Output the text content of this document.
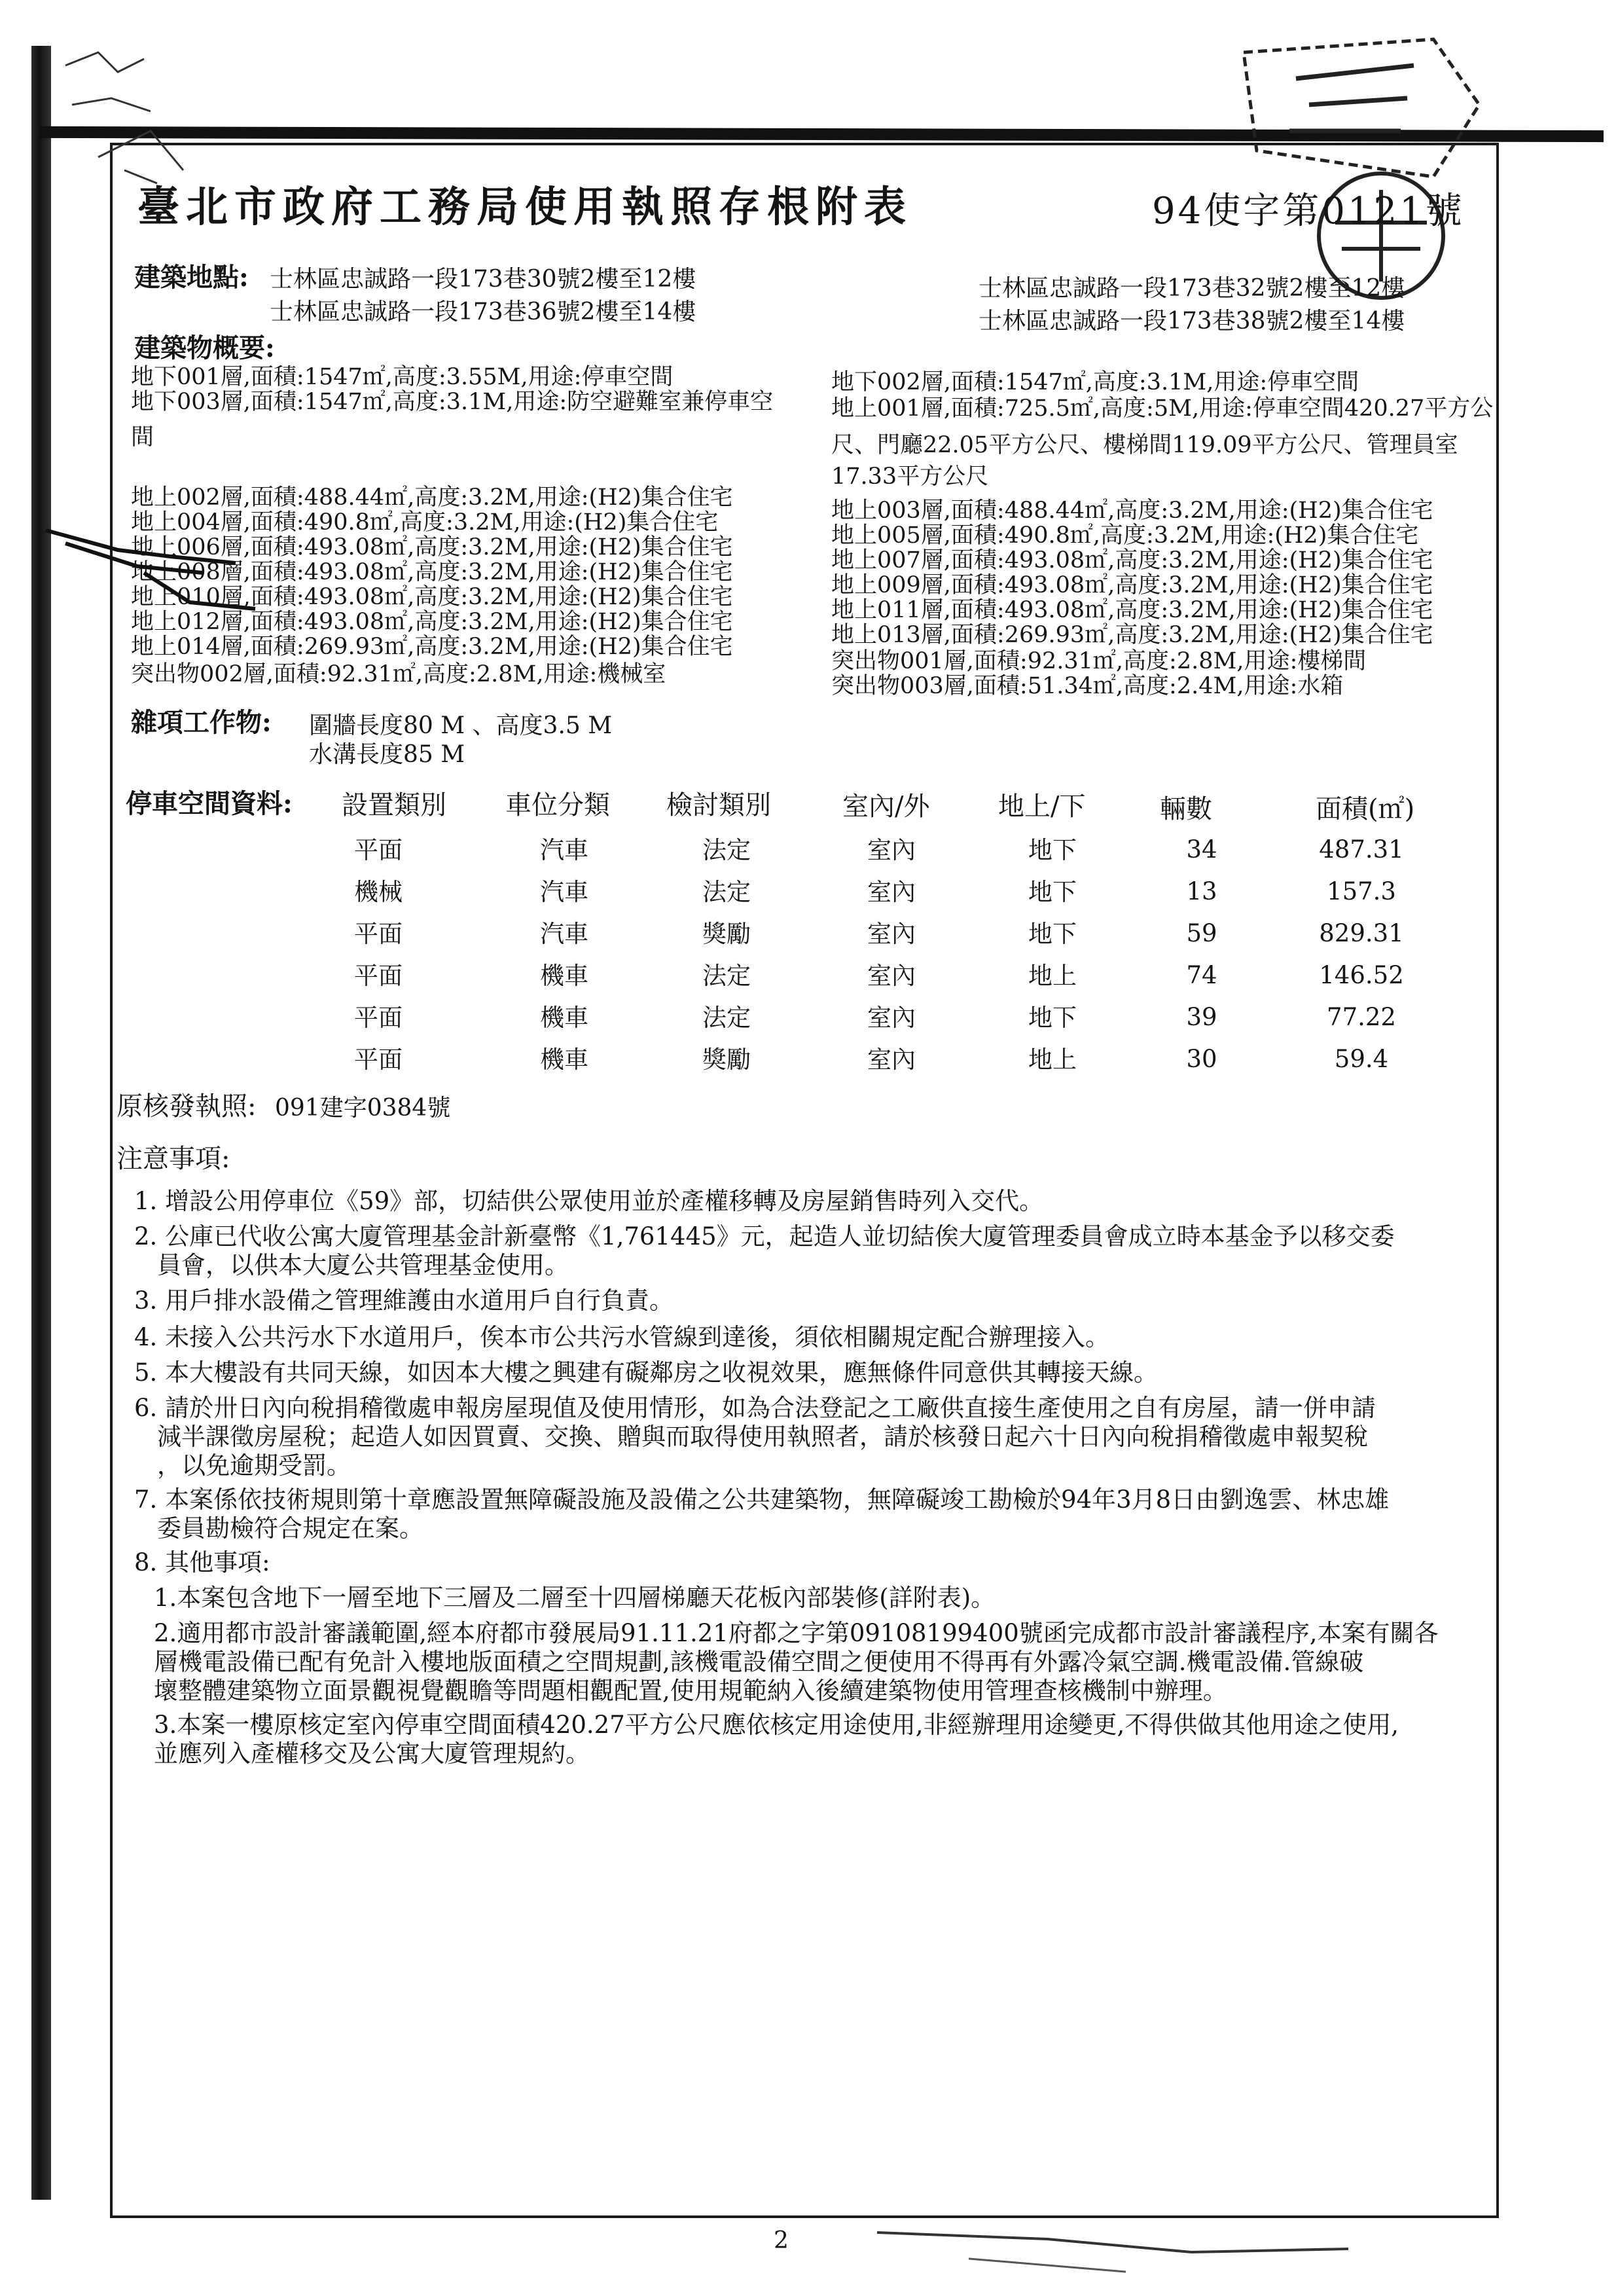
臺北市政府工務局使用執照存根附表	94使字第0121號
建築地點: 士林區忠誠路一段173巷30號2樓至12樓
士林區忠誠路一段173巷36號2樓至14樓
士林區忠誠路一段173巷32號2樓至12樓
士林區忠誠路一段173巷38號2樓至14樓
建築物概要:
地下001層,面積:1547㎡,高度:3.55M,用途:停車空間
地下003層,面積:1547㎡,高度:3.1M,用途:防空避難室兼停車空
間
地上002層,面積:488.44㎡,高度:3.2M,用途:(H2)集合住宅
地上004層,面積:490.8㎡,高度:3.2M,用途:(H2)集合住宅
地上006層,面積:493.08㎡,高度:3.2M,用途:(H2)集合住宅
地上008層,面積:493.08㎡,高度:3.2M,用途:(H2)集合住宅
地上010層,面積:493.08㎡,高度:3.2M,用途:(H2)集合住宅
地上012層,面積:493.08㎡,高度:3.2M,用途:(H2)集合住宅
地上014層,面積:269.93㎡,高度:3.2M,用途:(H2)集合住宅
突出物002層,面積:92.31㎡,高度:2.8M,用途:機械室
地下002層,面積:1547㎡,高度:3.1M,用途:停車空間
地上001層,面積:725.5㎡,高度:5M,用途:停車空間420.27平方公
尺、門廳22.05平方公尺、樓梯間119.09平方公尺、管理員室
17.33平方公尺
地上003層,面積:488.44㎡,高度:3.2M,用途:(H2)集合住宅
地上005層,面積:490.8㎡,高度:3.2M,用途:(H2)集合住宅
地上007層,面積:493.08㎡,高度:3.2M,用途:(H2)集合住宅
地上009層,面積:493.08㎡,高度:3.2M,用途:(H2)集合住宅
地上011層,面積:493.08㎡,高度:3.2M,用途:(H2)集合住宅
地上013層,面積:269.93㎡,高度:3.2M,用途:(H2)集合住宅
突出物001層,面積:92.31㎡,高度:2.8M,用途:樓梯間
突出物003層,面積:51.34㎡,高度:2.4M,用途:水箱
雜項工作物: 圍牆長度80 M 、高度3.5 M
水溝長度85 M
停車空間資料: 設置類別 車位分類 檢討類別	室內/外	地上/下	輛數	面積(㎡)
平面	汽車	法定	室內	地下	34	487.31
機械	汽車	法定	室內	地下	13	157.3
平面	汽車	獎勵	室內	地下	59	829.31
平面	機車	法定	室內	地上	74	146.52
平面	機車	法定	室內	地下	39	77.22
平面	機車	獎勵	室內	地上	30	59.4
原核發執照: 091建字0384號
注意事項:
1. 增設公用停車位《59》部，切結供公眾使用並於產權移轉及房屋銷售時列入交代。
2. 公庫已代收公寓大廈管理基金計新臺幣《1,761445》元，起造人並切結俟大廈管理委員會成立時本基金予以移交委
員會，以供本大廈公共管理基金使用。
3. 用戶排水設備之管理維護由水道用戶自行負責。
4. 未接入公共污水下水道用戶，俟本市公共污水管線到達後，須依相關規定配合辦理接入。
5. 本大樓設有共同天線，如因本大樓之興建有礙鄰房之收視效果，應無條件同意供其轉接天線。
6. 請於卅日內向稅捐稽徵處申報房屋現值及使用情形，如為合法登記之工廠供直接生產使用之自有房屋，請一併申請
減半課徵房屋稅；起造人如因買賣、交換、贈與而取得使用執照者，請於核發日起六十日內向稅捐稽徵處申報契稅
，以免逾期受罰。
7. 本案係依技術規則第十章應設置無障礙設施及設備之公共建築物，無障礙竣工勘檢於94年3月8日由劉逸雲、林忠雄
委員勘檢符合規定在案。
8. 其他事項:
1.本案包含地下一層至地下三層及二層至十四層梯廳天花板內部裝修(詳附表)。
2.適用都市設計審議範圍,經本府都市發展局91.11.21府都之字第09108199400號函完成都市設計審議程序,本案有關各
層機電設備已配有免計入樓地版面積之空間規劃,該機電設備空間之便使用不得再有外露冷氣空調.機電設備.管線破
壞整體建築物立面景觀視覺觀瞻等問題相觀配置,使用規範納入後續建築物使用管理查核機制中辦理。
3.本案一樓原核定室內停車空間面積420.27平方公尺應依核定用途使用,非經辦理用途變更,不得供做其他用途之使用,
並應列入產權移交及公寓大廈管理規約。
2
